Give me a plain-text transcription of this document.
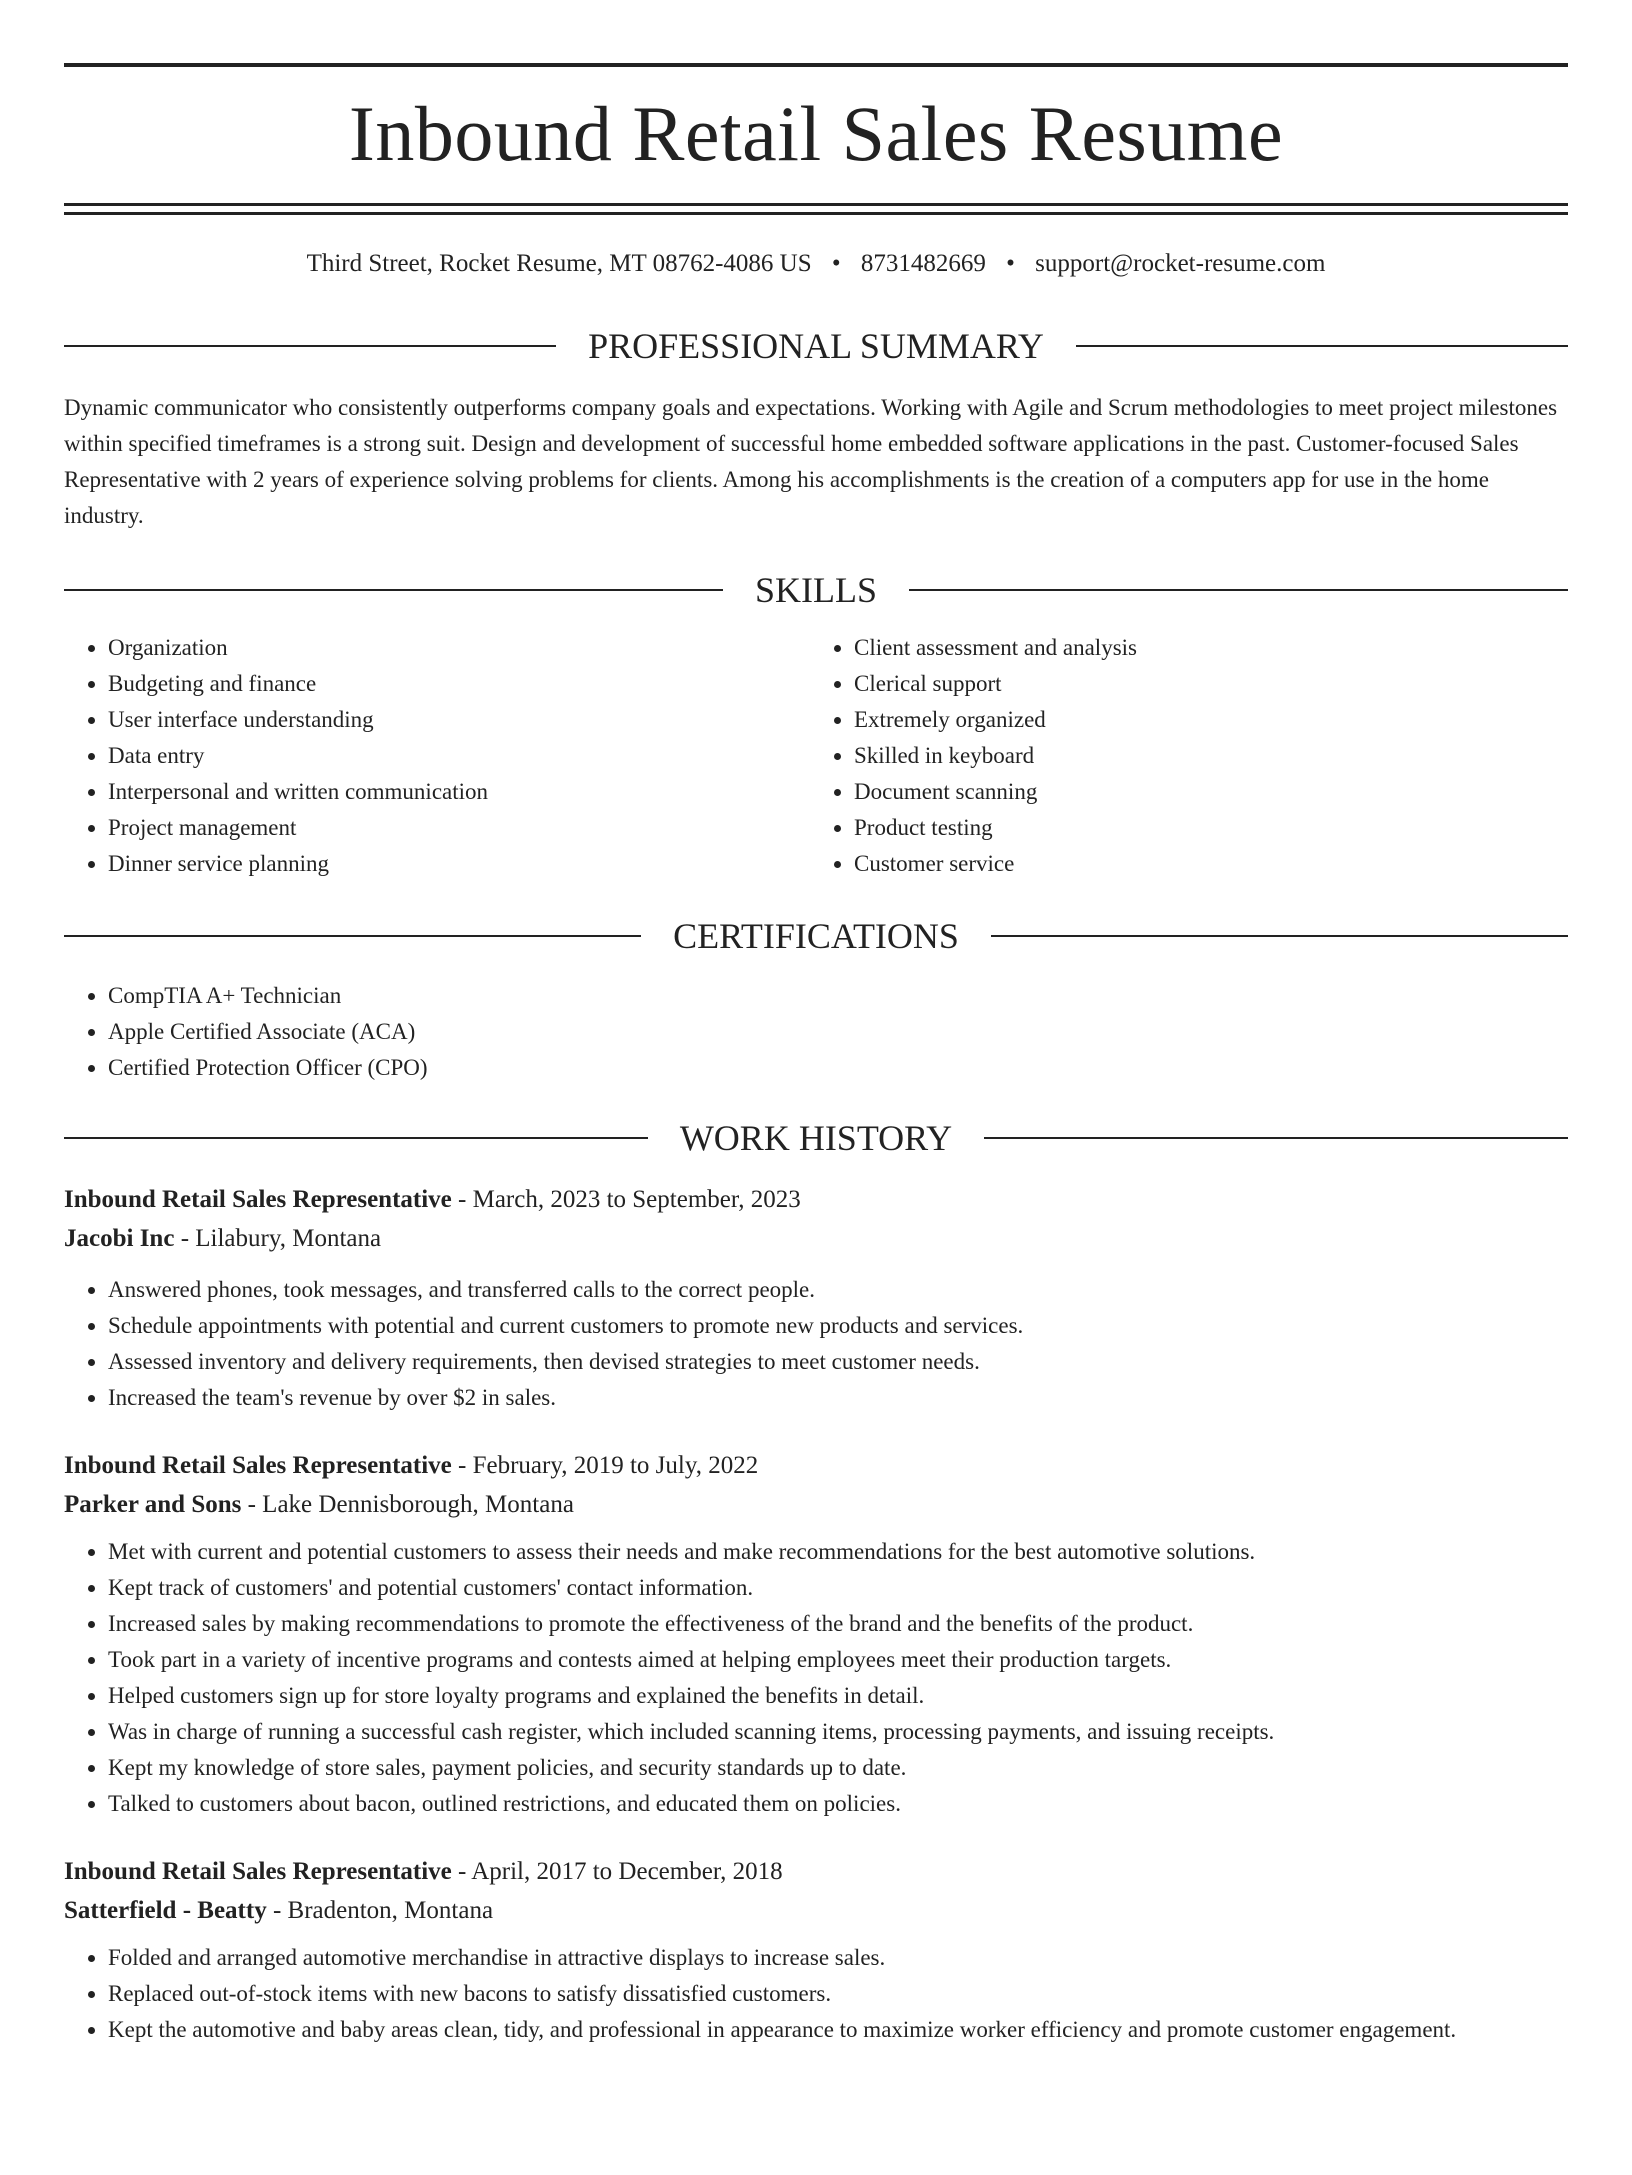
Inbound Retail Sales Resume
Third Street, Rocket Resume, MT 08762-4086 US • 8731482669 • support@rocket-resume.com
PROFESSIONAL SUMMARY

Dynamic communicator who consistently outperforms company goals and expectations. Working with Agile and Scrum methodologies to meet project milestones within specified timeframes is a strong suit. Design and development of successful home embedded software applications in the past. Customer-focused Sales Representative with 2 years of experience solving problems for clients. Among his accomplishments is the creation of a computers app for use in the home industry.

SKILLS
• Organization
• Budgeting and finance
• User interface understanding
• Data entry
• Interpersonal and written communication
• Project management
• Dinner service planning
• Client assessment and analysis
• Clerical support
• Extremely organized
• Skilled in keyboard
• Document scanning
• Product testing
• Customer service
CERTIFICATIONS
• CompTIA A+ Technician
• Apple Certified Associate (ACA)
• Certified Protection Officer (CPO)
WORK HISTORY
Inbound Retail Sales Representative - March, 2023 to September, 2023
Jacobi Inc - Lilabury, Montana
• Answered phones, took messages, and transferred calls to the correct people.
• Schedule appointments with potential and current customers to promote new products and services.
• Assessed inventory and delivery requirements, then devised strategies to meet customer needs.
• Increased the team's revenue by over $2 in sales.
Inbound Retail Sales Representative - February, 2019 to July, 2022
Parker and Sons - Lake Dennisborough, Montana
• Met with current and potential customers to assess their needs and make recommendations for the best automotive solutions.
• Kept track of customers' and potential customers' contact information.
• Increased sales by making recommendations to promote the effectiveness of the brand and the benefits of the product.
• Took part in a variety of incentive programs and contests aimed at helping employees meet their production targets.
• Helped customers sign up for store loyalty programs and explained the benefits in detail.
• Was in charge of running a successful cash register, which included scanning items, processing payments, and issuing receipts.
• Kept my knowledge of store sales, payment policies, and security standards up to date.
• Talked to customers about bacon, outlined restrictions, and educated them on policies.
Inbound Retail Sales Representative - April, 2017 to December, 2018
Satterfield - Beatty - Bradenton, Montana
• Folded and arranged automotive merchandise in attractive displays to increase sales.
• Replaced out-of-stock items with new bacons to satisfy dissatisfied customers.
• Kept the automotive and baby areas clean, tidy, and professional in appearance to maximize worker efficiency and promote customer engagement.
